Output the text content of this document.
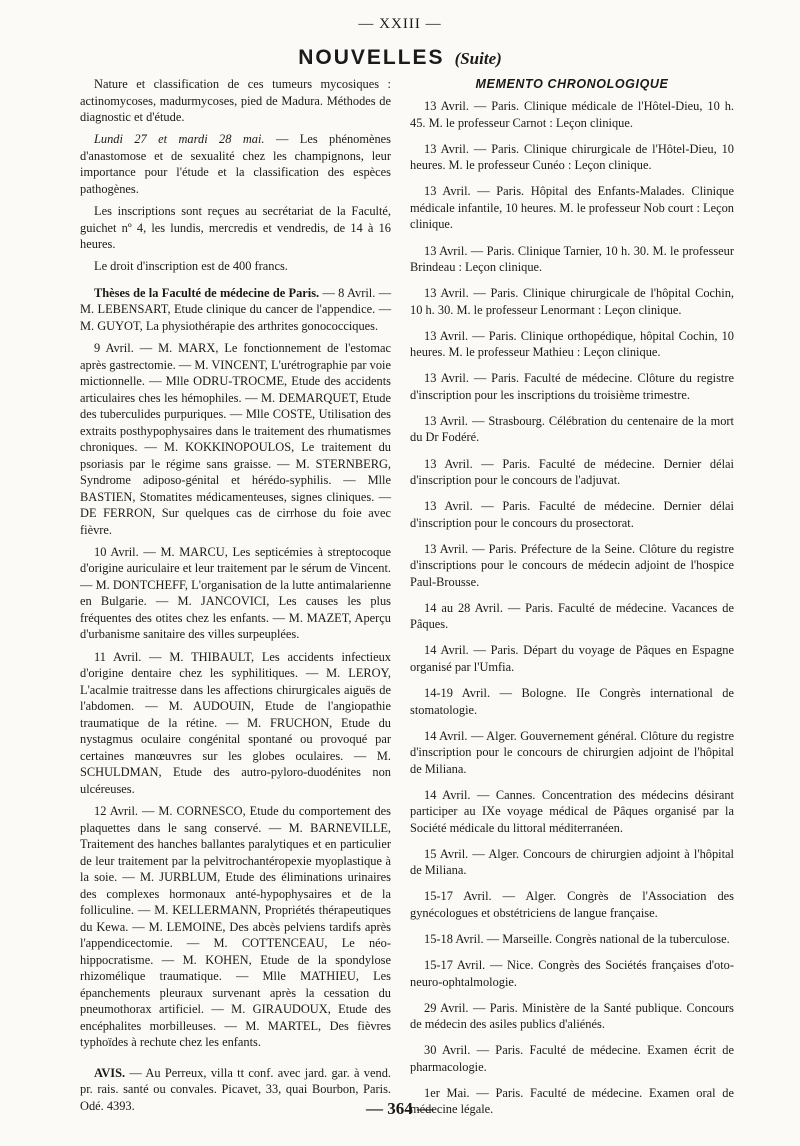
— XXIII —
NOUVELLES (Suite)

Nature et classification de ces tumeurs mycosiques : actinomycoses, madurmycoses, pied de Madura. Méthodes de diagnostic et d'étude.

Lundi 27 et mardi 28 mai. — Les phénomènes d'anastomose et de sexualité chez les champignons, leur importance pour l'étude et la classification des espèces pathogènes.

Les inscriptions sont reçues au secrétariat de la Faculté, guichet nº 4, les lundis, mercredis et vendredis, de 14 à 16 heures.

Le droit d'inscription est de 400 francs.

Thèses de la Faculté de médecine de Paris. — 8 Avril. — M. LEBENSART, Etude clinique du cancer de l'appendice. — M. GUYOT, La physiothérapie des arthrites gonococciques.

9 Avril. — M. MARX, Le fonctionnement de l'estomac après gastrectomie. — M. VINCENT, L'urétrographie par voie mictionnelle. — Mlle ODRU-TROCME, Etude des accidents articulaires ches les hémophiles. — M. DEMARQUET, Etude des tuberculides purpuriques. — Mlle COSTE, Utilisation des extraits posthypophysaires dans le traitement des rhumatismes chroniques. — M. KOKKINOPOULOS, Le traitement du psoriasis par le régime sans graisse. — M. STERNBERG, Syndrome adiposo-génital et hérédo-syphilis. — Mlle BASTIEN, Stomatites médicamenteuses, signes cliniques. — DE FERRON, Sur quelques cas de cirrhose du foie avec fièvre.

10 Avril. — M. MARCU, Les septicémies à streptocoque d'origine auriculaire et leur traitement par le sérum de Vincent. — M. DONTCHEFF, L'organisation de la lutte antimalarienne en Bulgarie. — M. JANCOVICI, Les causes les plus fréquentes des otites chez les enfants. — M. MAZET, Aperçu d'urbanisme sanitaire des villes surpeuplées.

11 Avril. — M. THIBAULT, Les accidents infectieux d'origine dentaire chez les syphilitiques. — M. LEROY, L'acalmie traitresse dans les affections chirurgicales aiguës de l'abdomen. — M. AUDOUIN, Etude de l'angiopathie traumatique de la rétine. — M. FRUCHON, Etude du nystagmus oculaire congénital spontané ou provoqué par certaines manœuvres sur les globes oculaires. — M. SCHULDMAN, Etude des autro-pyloro-duodénites non ulcéreuses.

12 Avril. — M. CORNESCO, Etude du comportement des plaquettes dans le sang conservé. — M. BARNEVILLE, Traitement des hanches ballantes paralytiques et en particulier de leur traitement par la pelvitrochantéropexie myoplastique à la soie. — M. JURBLUM, Etude des éliminations urinaires des complexes hormonaux anté-hypophysaires et de la folliculine. — M. KELLERMANN, Propriétés thérapeutiques du Kewa. — M. LEMOINE, Des abcès pelviens tardifs après l'appendicectomie. — M. COTTENCEAU, Le néo-hippocratisme. — M. KOHEN, Etude de la spondylose rhizomélique traumatique. — Mlle MATHIEU, Les épanchements pleuraux survenant après la cessation du pneumothorax artificiel. — M. GIRAUDOUX, Etude des encéphalites morbilleuses. — M. MARTEL, Des fièvres typhoïdes à rechute chez les enfants.

AVIS. — Au Perreux, villa tt conf. avec jard. gar. à vend. pr. rais. santé ou convales. Picavet, 33, quai Bourbon, Paris. Odé. 4393.

MEMENTO CHRONOLOGIQUE

13 Avril. — Paris. Clinique médicale de l'Hôtel-Dieu, 10 h. 45. M. le professeur Carnot : Leçon clinique.

13 Avril. — Paris. Clinique chirurgicale de l'Hôtel-Dieu, 10 heures. M. le professeur Cunéo : Leçon clinique.

13 Avril. — Paris. Hôpital des Enfants-Malades. Clinique médicale infantile, 10 heures. M. le professeur Nob court : Leçon clinique.

13 Avril. — Paris. Clinique Tarnier, 10 h. 30. M. le professeur Brindeau : Leçon clinique.

13 Avril. — Paris. Clinique chirurgicale de l'hôpital Cochin, 10 h. 30. M. le professeur Lenormant : Leçon clinique.

13 Avril. — Paris. Clinique orthopédique, hôpital Cochin, 10 heures. M. le professeur Mathieu : Leçon clinique.

13 Avril. — Paris. Faculté de médecine. Clôture du registre d'inscription pour les inscriptions du troisième trimestre.

13 Avril. — Strasbourg. Célébration du centenaire de la mort du Dr Fodéré.

13 Avril. — Paris. Faculté de médecine. Dernier délai d'inscription pour le concours de l'adjuvat.

13 Avril. — Paris. Faculté de médecine. Dernier délai d'inscription pour le concours du prosectorat.

13 Avril. — Paris. Préfecture de la Seine. Clôture du registre d'inscriptions pour le concours de médecin adjoint de l'hospice Paul-Brousse.

14 au 28 Avril. — Paris. Faculté de médecine. Vacances de Pâques.

14 Avril. — Paris. Départ du voyage de Pâques en Espagne organisé par l'Umfia.

14-19 Avril. — Bologne. IIe Congrès international de stomatologie.

14 Avril. — Alger. Gouvernement général. Clôture du registre d'inscription pour le concours de chirurgien adjoint de l'hôpital de Miliana.

14 Avril. — Cannes. Concentration des médecins désirant participer au IXe voyage médical de Pâques organisé par la Société médicale du littoral méditerranéen.

15 Avril. — Alger. Concours de chirurgien adjoint à l'hôpital de Miliana.

15-17 Avril. — Alger. Congrès de l'Association des gynécologues et obstétriciens de langue française.

15-18 Avril. — Marseille. Congrès national de la tuberculose.

15-17 Avril. — Nice. Congrès des Sociétés françaises d'oto-neuro-ophtalmologie.

29 Avril. — Paris. Ministère de la Santé publique. Concours de médecin des asiles publics d'aliénés.

30 Avril. — Paris. Faculté de médecine. Examen écrit de pharmacologie.

1er Mai. — Paris. Faculté de médecine. Examen oral de médecine légale.

— 364 —
